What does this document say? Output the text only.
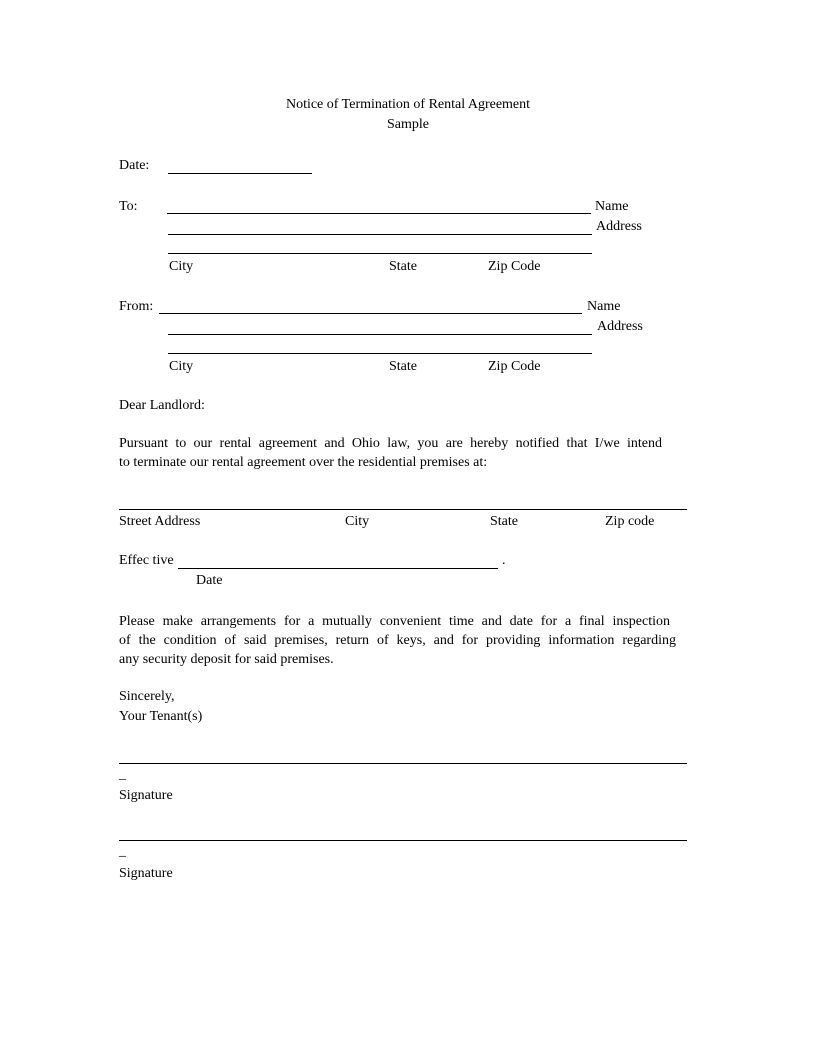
Notice of Termination of Rental Agreement
Sample
Date:
To:	Name
Address
City	State	Zip Code
From:	Name
Address
City	State	Zip Code
Dear Landlord:
Pursuant to our rental agreement and Ohio law, you are hereby notified that I/we intend
to terminate our rental agreement over the residential premises at:
Street Address	City	State	Zip code
Effec tive	.
Date
Please make arrangements for a mutually convenient time and date for a final inspection
of the condition of said premises, return of keys, and for providing information regarding
any security deposit for said premises.
Sincerely,
Your Tenant(s)
_
Signature
_
Signature
